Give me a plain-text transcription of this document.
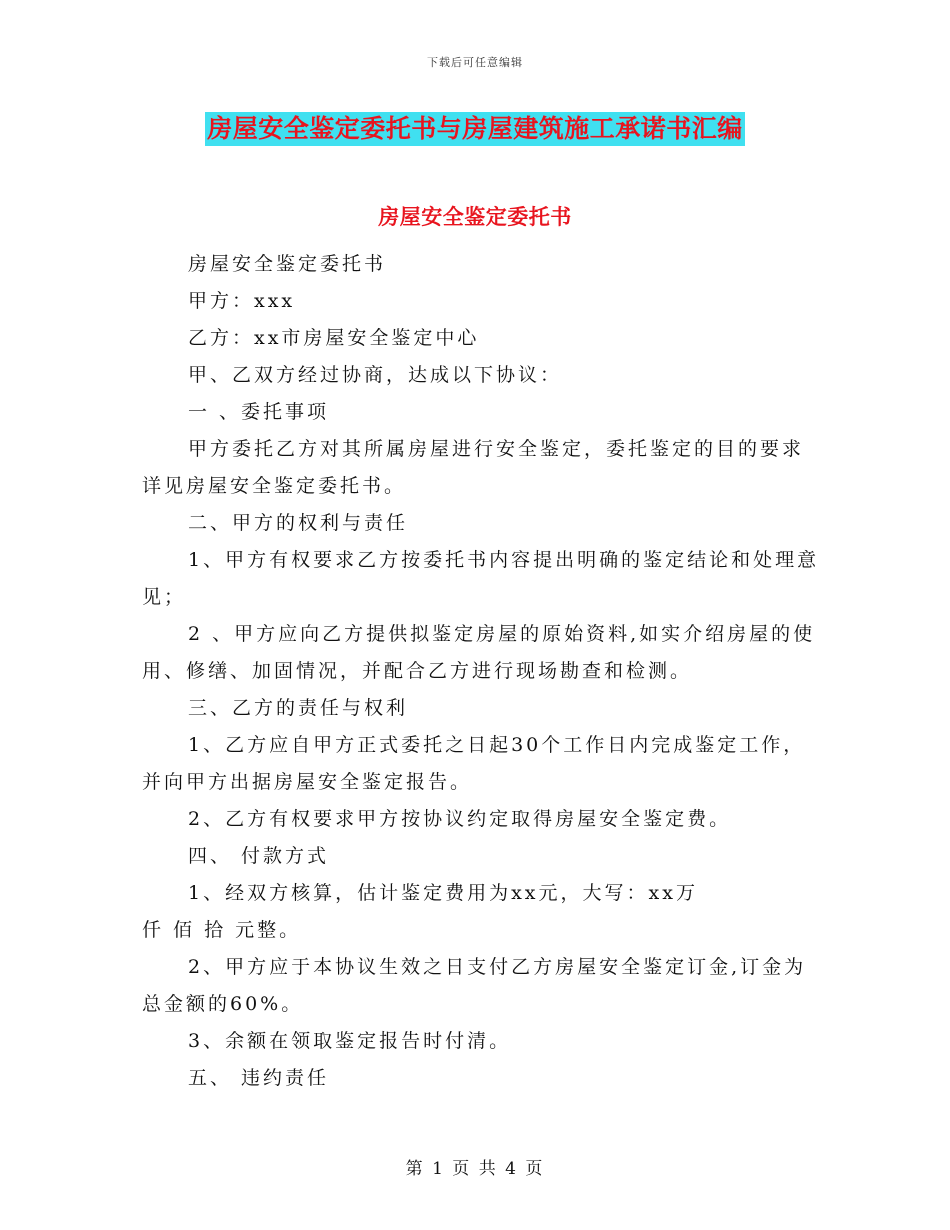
下载后可任意编辑
房屋安全鉴定委托书与房屋建筑施工承诺书汇编
房屋安全鉴定委托书

房屋安全鉴定委托书

甲方：xxx

乙方：xx市房屋安全鉴定中心

甲、乙双方经过协商，达成以下协议：

一 、委托事项

甲方委托乙方对其所属房屋进行安全鉴定，委托鉴定的目的要求

详见房屋安全鉴定委托书。

二、甲方的权利与责任

1、甲方有权要求乙方按委托书内容提出明确的鉴定结论和处理意

见；

2 、甲方应向乙方提供拟鉴定房屋的原始资料,如实介绍房屋的使

用、修缮、加固情况，并配合乙方进行现场勘查和检测。

三、乙方的责任与权利

1、乙方应自甲方正式委托之日起30个工作日内完成鉴定工作，

并向甲方出据房屋安全鉴定报告。

2、乙方有权要求甲方按协议约定取得房屋安全鉴定费。

四、 付款方式

1、经双方核算，估计鉴定费用为xx元，大写：xx万

仟 佰 拾 元整。

2、甲方应于本协议生效之日支付乙方房屋安全鉴定订金,订金为

总金额的60%。

3、余额在领取鉴定报告时付清。

五、 违约责任

第 1 页 共 4 页
